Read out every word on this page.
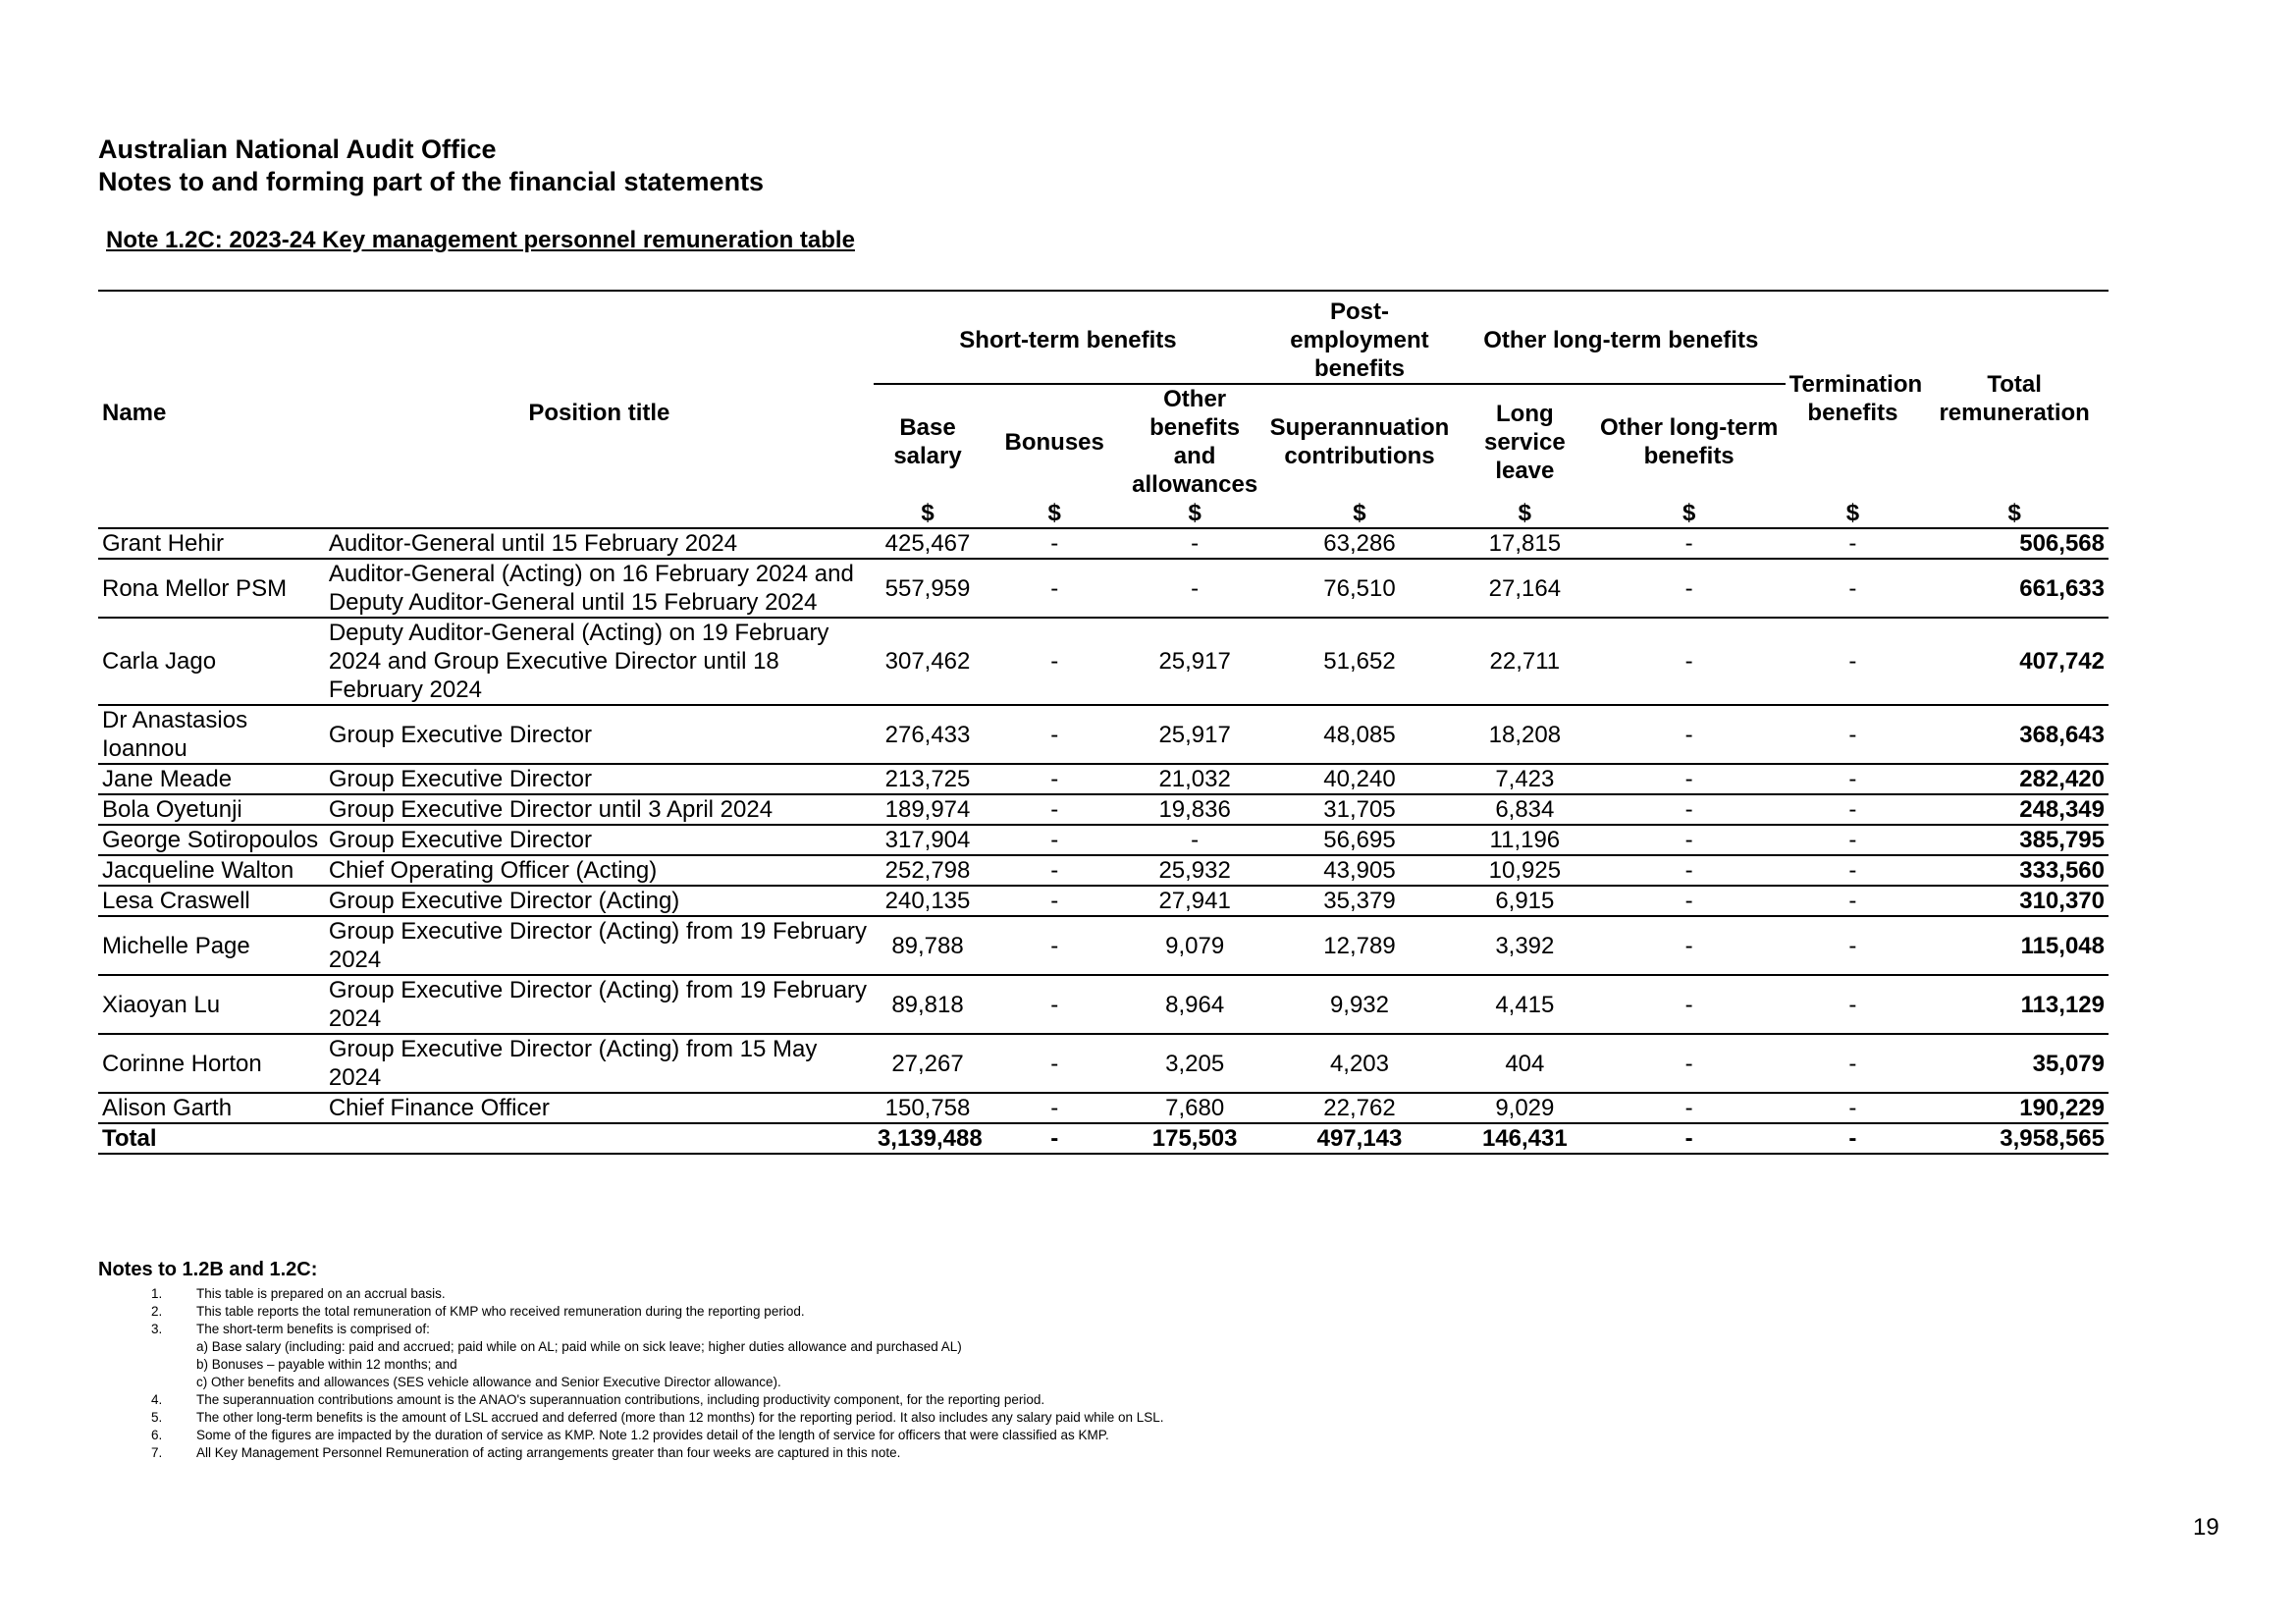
Australian National Audit Office
Notes to and forming part of the financial statements
Note 1.2C: 2023-24 Key management personnel remuneration table

Name	Position title	Short-term benefits			Post-employment benefits	Other long-term benefits		Termination benefits	Total remuneration
		Base salary	Bonuses	Other benefits and allowances	Superannuation contributions	Long service leave	Other long-term benefits		
		$	$	$	$	$	$	$	$
Grant Hehir	Auditor-General until 15 February 2024	425,467	-	-	63,286	17,815	-	-	506,568
Rona Mellor PSM	Auditor-General (Acting) on 16 February 2024 and Deputy Auditor-General until 15 February 2024	557,959	-	-	76,510	27,164	-	-	661,633
Carla Jago	Deputy Auditor-General (Acting) on 19 February 2024 and Group Executive Director until 18 February 2024	307,462	-	25,917	51,652	22,711	-	-	407,742
Dr Anastasios Ioannou	Group Executive Director	276,433	-	25,917	48,085	18,208	-	-	368,643
Jane Meade	Group Executive Director	213,725	-	21,032	40,240	7,423	-	-	282,420
Bola Oyetunji	Group Executive Director until 3 April 2024	189,974	-	19,836	31,705	6,834	-	-	248,349
George Sotiropoulos	Group Executive Director	317,904	-	-	56,695	11,196	-	-	385,795
Jacqueline Walton	Chief Operating Officer (Acting)	252,798	-	25,932	43,905	10,925	-	-	333,560
Lesa Craswell	Group Executive Director (Acting)	240,135	-	27,941	35,379	6,915	-	-	310,370
Michelle Page	Group Executive Director (Acting) from 19 February 2024	89,788	-	9,079	12,789	3,392	-	-	115,048
Xiaoyan Lu	Group Executive Director (Acting) from 19 February 2024	89,818	-	8,964	9,932	4,415	-	-	113,129
Corinne Horton	Group Executive Director (Acting) from 15 May 2024	27,267	-	3,205	4,203	404	-	-	35,079
Alison Garth	Chief Finance Officer	150,758	-	7,680	22,762	9,029	-	-	190,229
Total		3,139,488	-	175,503	497,143	146,431	-	-	3,958,565

Notes to 1.2B and 1.2C:
1.	This table is prepared on an accrual basis.
2.	This table reports the total remuneration of KMP who received remuneration during the reporting period.
3.	The short-term benefits is comprised of:
a) Base salary (including: paid and accrued; paid while on AL; paid while on sick leave; higher duties allowance and purchased AL)
b) Bonuses – payable within 12 months; and
c) Other benefits and allowances (SES vehicle allowance and Senior Executive Director allowance).
4.	The superannuation contributions amount is the ANAO's superannuation contributions, including productivity component, for the reporting period.
5.	The other long-term benefits is the amount of LSL accrued and deferred (more than 12 months) for the reporting period. It also includes any salary paid while on LSL.
6.	Some of the figures are impacted by the duration of service as KMP. Note 1.2 provides detail of the length of service for officers that were classified as KMP.
7.	All Key Management Personnel Remuneration of acting arrangements greater than four weeks are captured in this note.
19
